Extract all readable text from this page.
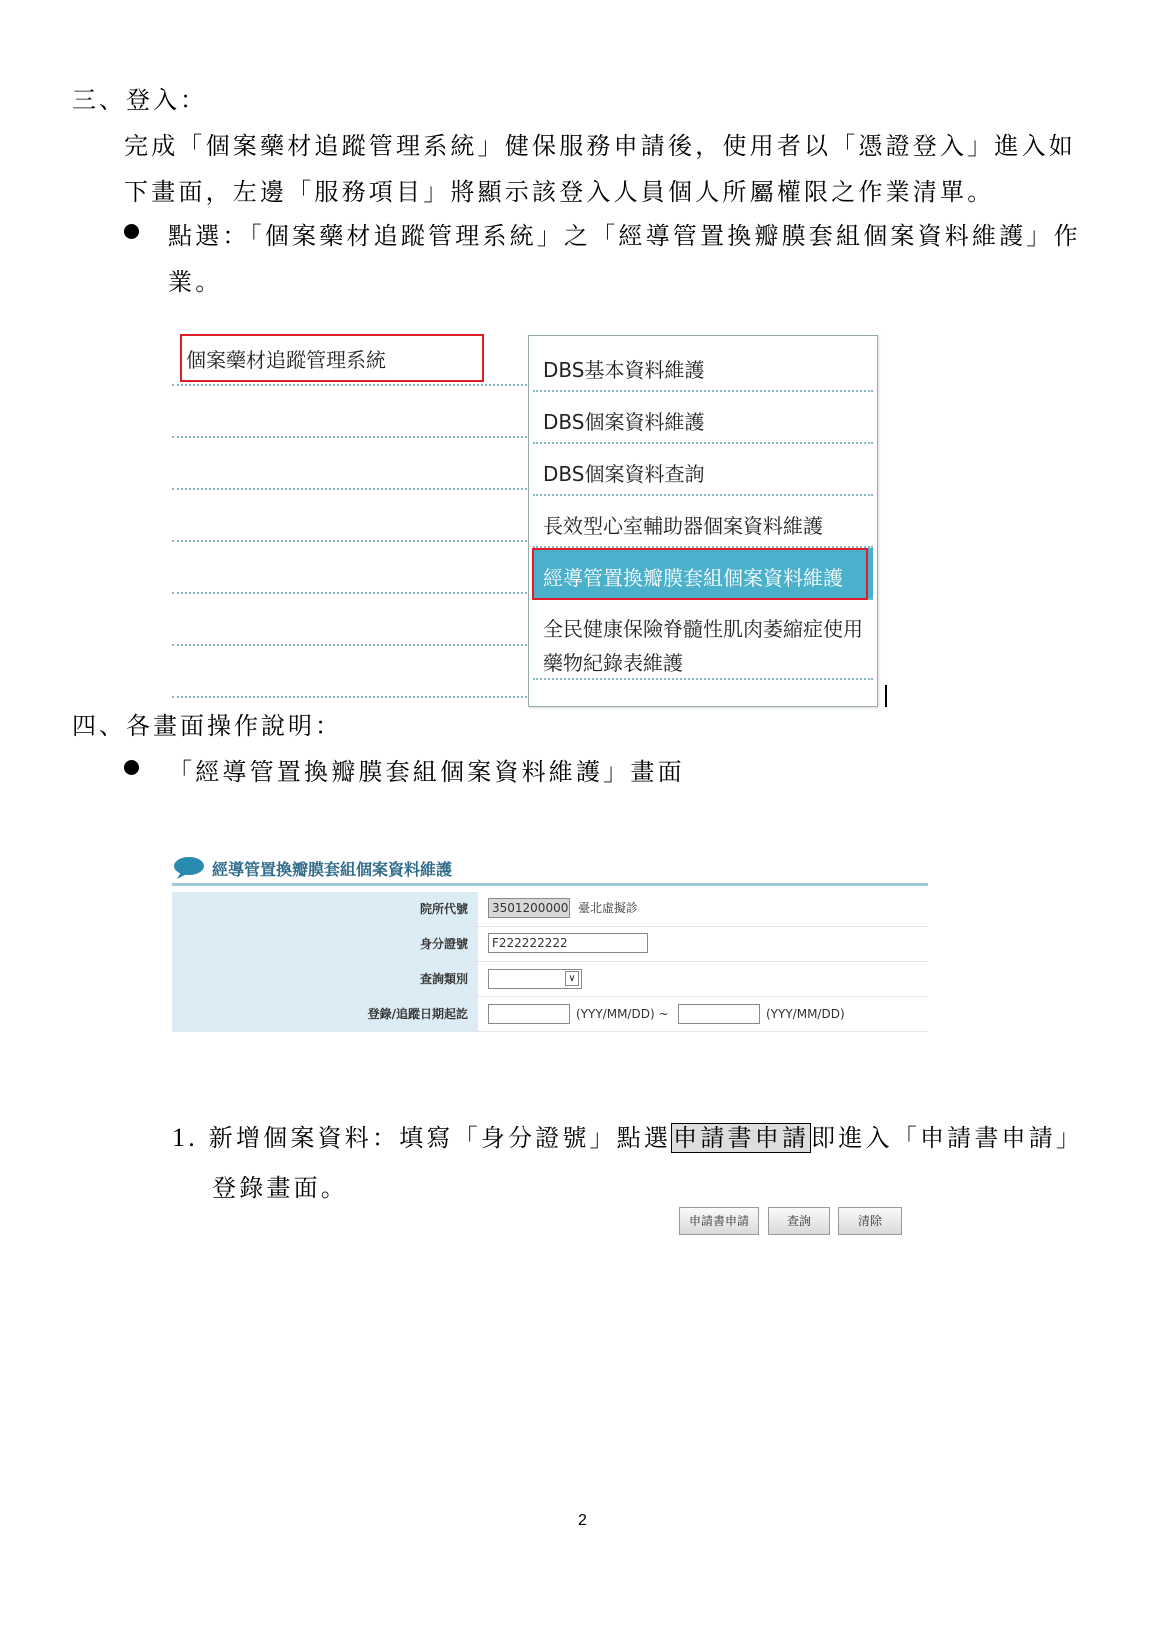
三、登入：
完成「個案藥材追蹤管理系統」健保服務申請後，使用者以「憑證登入」進入如
下畫面，左邊「服務項目」將顯示該登入人員個人所屬權限之作業清單。
點選：「個案藥材追蹤管理系統」之「經導管置換瓣膜套組個案資料維護」作
業。
個案藥材追蹤管理系統	DBS基本資料維護
DBS個案資料維護
DBS個案資料查詢
長效型心室輔助器個案資料維護
經導管置換瓣膜套組個案資料維護
全民健康保險脊髓性肌肉萎縮症使用藥物紀錄表維護
四、各畫面操作說明：
「經導管置換瓣膜套組個案資料維護」畫面
經導管置換瓣膜套組個案資料維護
院所代號	3501200000 臺北虛擬診
身分證號	F222222222
查詢類別	∨
登錄/追蹤日期起訖	(YYY/MM/DD) ~	(YYY/MM/DD)
申請書申請	查詢	清除
1. 新增個案資料：填寫「身分證號」點選申請書申請即進入「申請書申請」
登錄畫面。
2
